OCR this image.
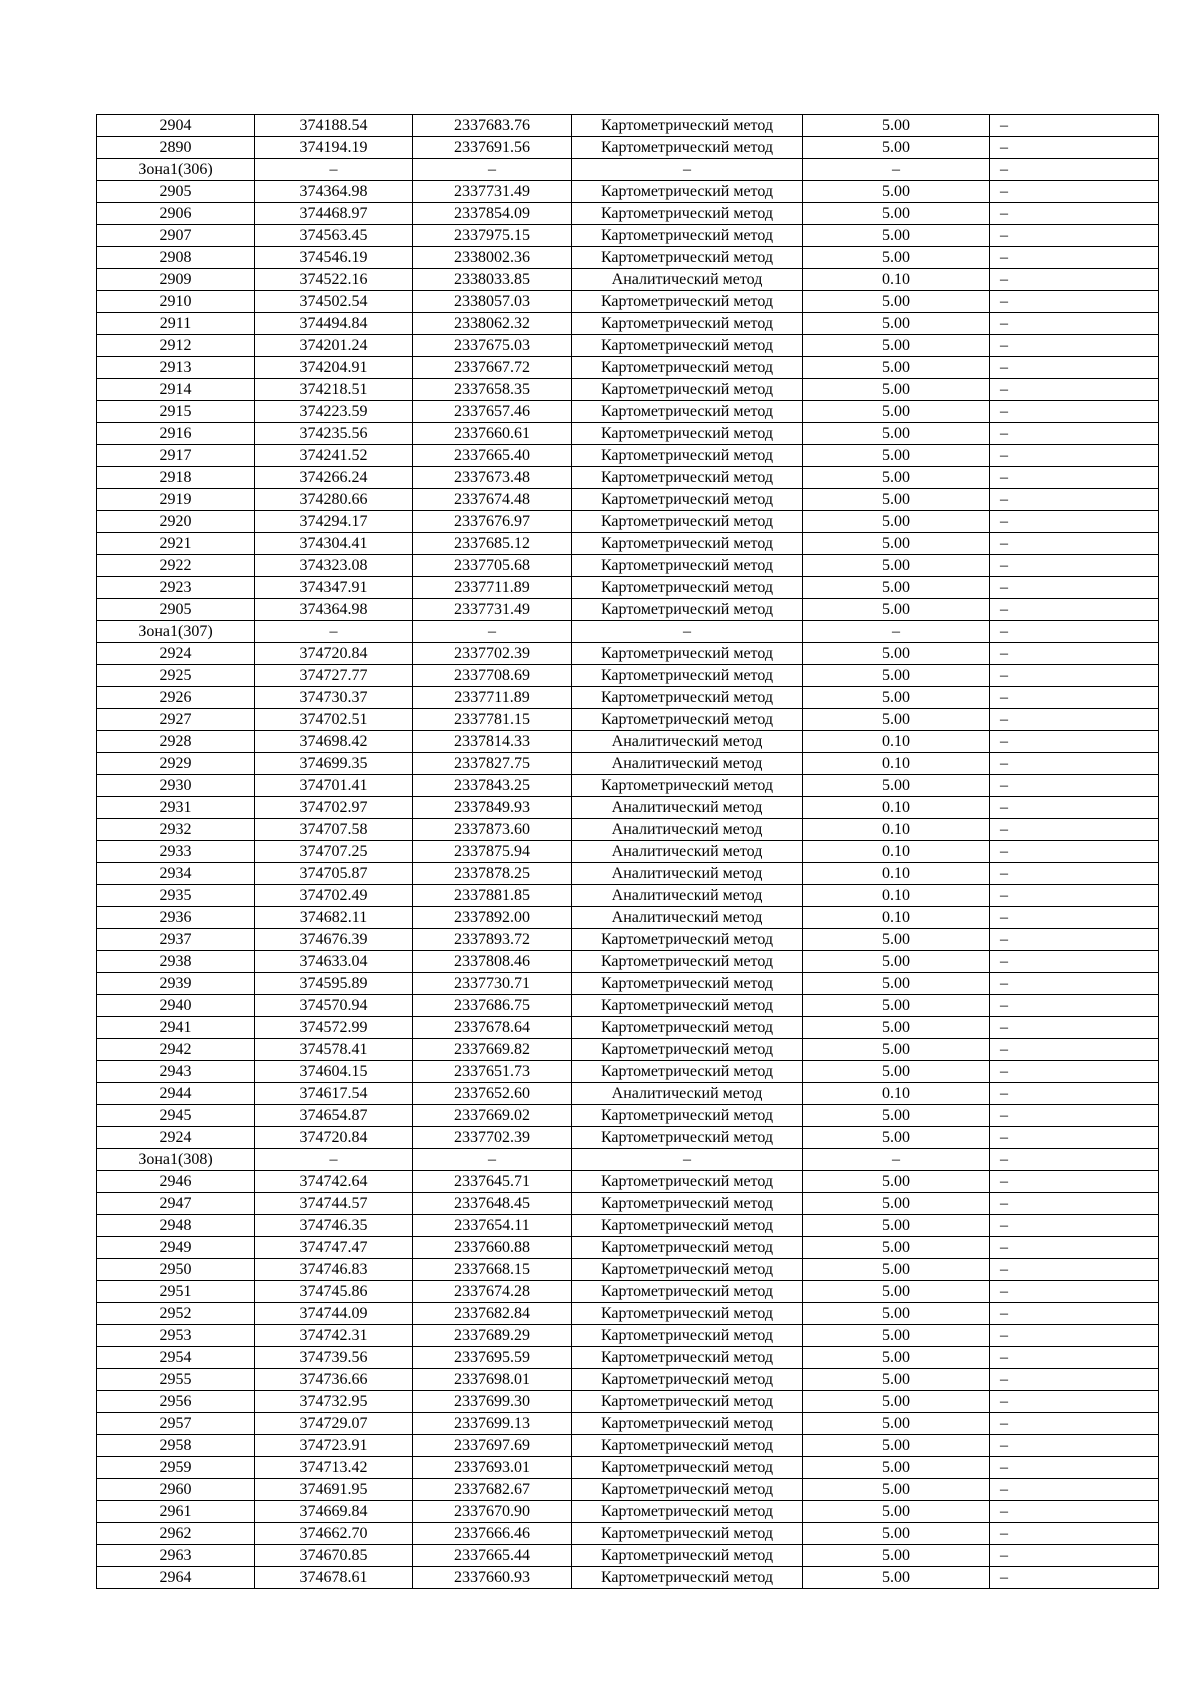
2904	374188.54	2337683.76	Картометрический метод	5.00	–
2890	374194.19	2337691.56	Картометрический метод	5.00	–
Зона1(306)	–	–	–	–	–
2905	374364.98	2337731.49	Картометрический метод	5.00	–
2906	374468.97	2337854.09	Картометрический метод	5.00	–
2907	374563.45	2337975.15	Картометрический метод	5.00	–
2908	374546.19	2338002.36	Картометрический метод	5.00	–
2909	374522.16	2338033.85	Аналитический метод	0.10	–
2910	374502.54	2338057.03	Картометрический метод	5.00	–
2911	374494.84	2338062.32	Картометрический метод	5.00	–
2912	374201.24	2337675.03	Картометрический метод	5.00	–
2913	374204.91	2337667.72	Картометрический метод	5.00	–
2914	374218.51	2337658.35	Картометрический метод	5.00	–
2915	374223.59	2337657.46	Картометрический метод	5.00	–
2916	374235.56	2337660.61	Картометрический метод	5.00	–
2917	374241.52	2337665.40	Картометрический метод	5.00	–
2918	374266.24	2337673.48	Картометрический метод	5.00	–
2919	374280.66	2337674.48	Картометрический метод	5.00	–
2920	374294.17	2337676.97	Картометрический метод	5.00	–
2921	374304.41	2337685.12	Картометрический метод	5.00	–
2922	374323.08	2337705.68	Картометрический метод	5.00	–
2923	374347.91	2337711.89	Картометрический метод	5.00	–
2905	374364.98	2337731.49	Картометрический метод	5.00	–
Зона1(307)	–	–	–	–	–
2924	374720.84	2337702.39	Картометрический метод	5.00	–
2925	374727.77	2337708.69	Картометрический метод	5.00	–
2926	374730.37	2337711.89	Картометрический метод	5.00	–
2927	374702.51	2337781.15	Картометрический метод	5.00	–
2928	374698.42	2337814.33	Аналитический метод	0.10	–
2929	374699.35	2337827.75	Аналитический метод	0.10	–
2930	374701.41	2337843.25	Картометрический метод	5.00	–
2931	374702.97	2337849.93	Аналитический метод	0.10	–
2932	374707.58	2337873.60	Аналитический метод	0.10	–
2933	374707.25	2337875.94	Аналитический метод	0.10	–
2934	374705.87	2337878.25	Аналитический метод	0.10	–
2935	374702.49	2337881.85	Аналитический метод	0.10	–
2936	374682.11	2337892.00	Аналитический метод	0.10	–
2937	374676.39	2337893.72	Картометрический метод	5.00	–
2938	374633.04	2337808.46	Картометрический метод	5.00	–
2939	374595.89	2337730.71	Картометрический метод	5.00	–
2940	374570.94	2337686.75	Картометрический метод	5.00	–
2941	374572.99	2337678.64	Картометрический метод	5.00	–
2942	374578.41	2337669.82	Картометрический метод	5.00	–
2943	374604.15	2337651.73	Картометрический метод	5.00	–
2944	374617.54	2337652.60	Аналитический метод	0.10	–
2945	374654.87	2337669.02	Картометрический метод	5.00	–
2924	374720.84	2337702.39	Картометрический метод	5.00	–
Зона1(308)	–	–	–	–	–
2946	374742.64	2337645.71	Картометрический метод	5.00	–
2947	374744.57	2337648.45	Картометрический метод	5.00	–
2948	374746.35	2337654.11	Картометрический метод	5.00	–
2949	374747.47	2337660.88	Картометрический метод	5.00	–
2950	374746.83	2337668.15	Картометрический метод	5.00	–
2951	374745.86	2337674.28	Картометрический метод	5.00	–
2952	374744.09	2337682.84	Картометрический метод	5.00	–
2953	374742.31	2337689.29	Картометрический метод	5.00	–
2954	374739.56	2337695.59	Картометрический метод	5.00	–
2955	374736.66	2337698.01	Картометрический метод	5.00	–
2956	374732.95	2337699.30	Картометрический метод	5.00	–
2957	374729.07	2337699.13	Картометрический метод	5.00	–
2958	374723.91	2337697.69	Картометрический метод	5.00	–
2959	374713.42	2337693.01	Картометрический метод	5.00	–
2960	374691.95	2337682.67	Картометрический метод	5.00	–
2961	374669.84	2337670.90	Картометрический метод	5.00	–
2962	374662.70	2337666.46	Картометрический метод	5.00	–
2963	374670.85	2337665.44	Картометрический метод	5.00	–
2964	374678.61	2337660.93	Картометрический метод	5.00	–
